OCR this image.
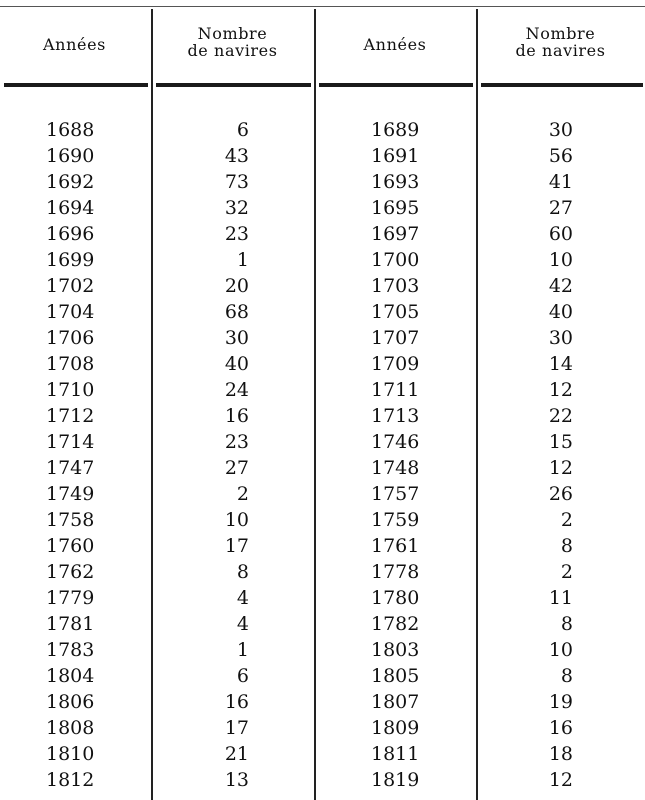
Années
Nombre
de navires	Années
Nombre
de navires
1688
1690
1692
1694
1696
1699
1702
1704
1706
1708
1710
1712
1714
1747
1749
1758
1760
1762
1779
1781
1783
1804
1806
1808
1810
1812
6
43
73
32
23
1
20
68
30
40
24
16
23
27
2
10
17
8
4
4
1
6
16
17
21
13
1689
1691
1693
1695
1697
1700
1703
1705
1707
1709
1711
1713
1746
1748
1757
1759
1761
1778
1780
1782
1803
1805
1807
1809
1811
1819
30
56
41
27
60
10
42
40
30
14
12
22
15
12
26
2
8
2
11
8
10
8
19
16
18
12
